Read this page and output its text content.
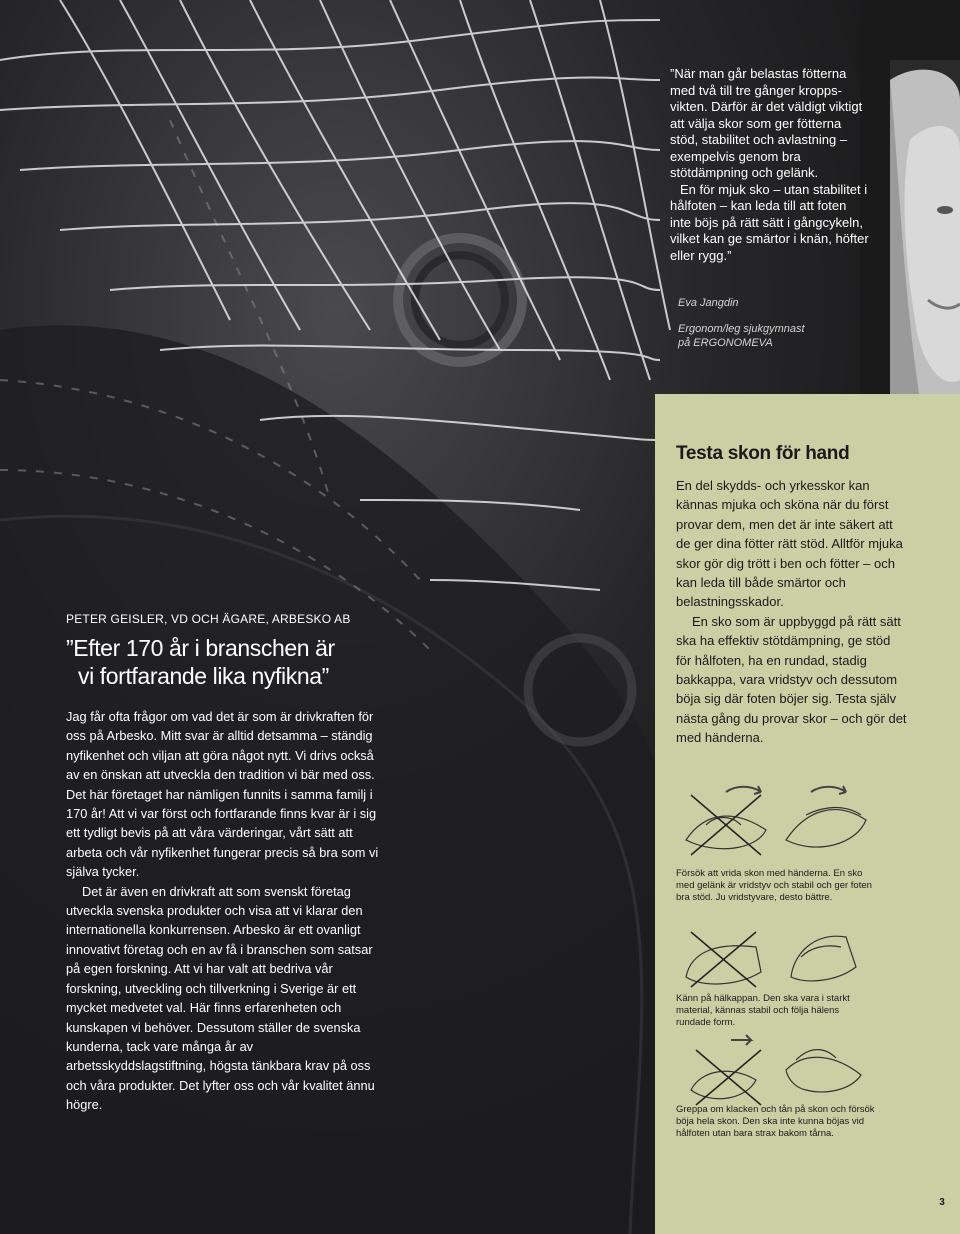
”När man går belastas fötterna med två till tre gånger kropps- vikten. Därför är det väldigt viktigt att välja skor som ger fötterna stöd, stabilitet och avlastning – exempelvis genom bra stötdämpning och gelänk.

En för mjuk sko – utan stabilitet i hålfoten – kan leda till att foten inte böjs på rätt sätt i gångcykeln, vilket kan ge smärtor i knän, höfter eller rygg.”

Eva Jangdin
Ergonom/leg sjukgymnast
på ERGONOMEVA
Testa skon för hand

En del skydds- och yrkesskor kan kännas mjuka och sköna när du först provar dem, men det är inte säkert att de ger dina fötter rätt stöd. Alltför mjuka skor gör dig trött i ben och fötter – och kan leda till både smärtor och belastningsskador.

En sko som är uppbyggd på rätt sätt ska ha effektiv stötdämpning, ge stöd för hålfoten, ha en rundad, stadig bakkappa, vara vridstyv och dessutom böja sig där foten böjer sig. Testa själv nästa gång du provar skor – och gör det med händerna.

Försök att vrida skon med händerna. En sko med gelänk är vridstyv och stabil och ger foten bra stöd. Ju vridstyvare, desto bättre.
Känn på hälkappan. Den ska vara i starkt material, kännas stabil och följa hälens rundade form.
Greppa om klacken och tån på skon och försök böja hela skon. Den ska inte kunna böjas vid hålfoten utan bara strax bakom tårna.
PETER GEISLER, VD OCH ÄGARE, ARBESKO AB
”Efter 170 år i branschen är
vi fortfarande lika nyfikna”

Jag får ofta frågor om vad det är som är drivkraften för oss på Arbesko. Mitt svar är alltid detsamma – ständig nyfikenhet och viljan att göra något nytt. Vi drivs också av en önskan att utveckla den tradition vi bär med oss. Det här företaget har nämligen funnits i samma familj i 170 år! Att vi var först och fortfarande finns kvar är i sig ett tydligt bevis på att våra värderingar, vårt sätt att arbeta och vår nyfikenhet fungerar precis så bra som vi själva tycker.

Det är även en drivkraft att som svenskt företag utveckla svenska produkter och visa att vi klarar den internationella konkurrensen. Arbesko är ett ovanligt innovativt företag och en av få i branschen som satsar på egen forskning. Att vi har valt att bedriva vår forskning, utveckling och tillverkning i Sverige är ett mycket medvetet val. Här finns erfarenheten och kunskapen vi behöver. Dessutom ställer de svenska kunderna, tack vare många år av arbetsskyddslagstiftning, högsta tänkbara krav på oss och våra produkter. Det lyfter oss och vår kvalitet ännu högre.

3
